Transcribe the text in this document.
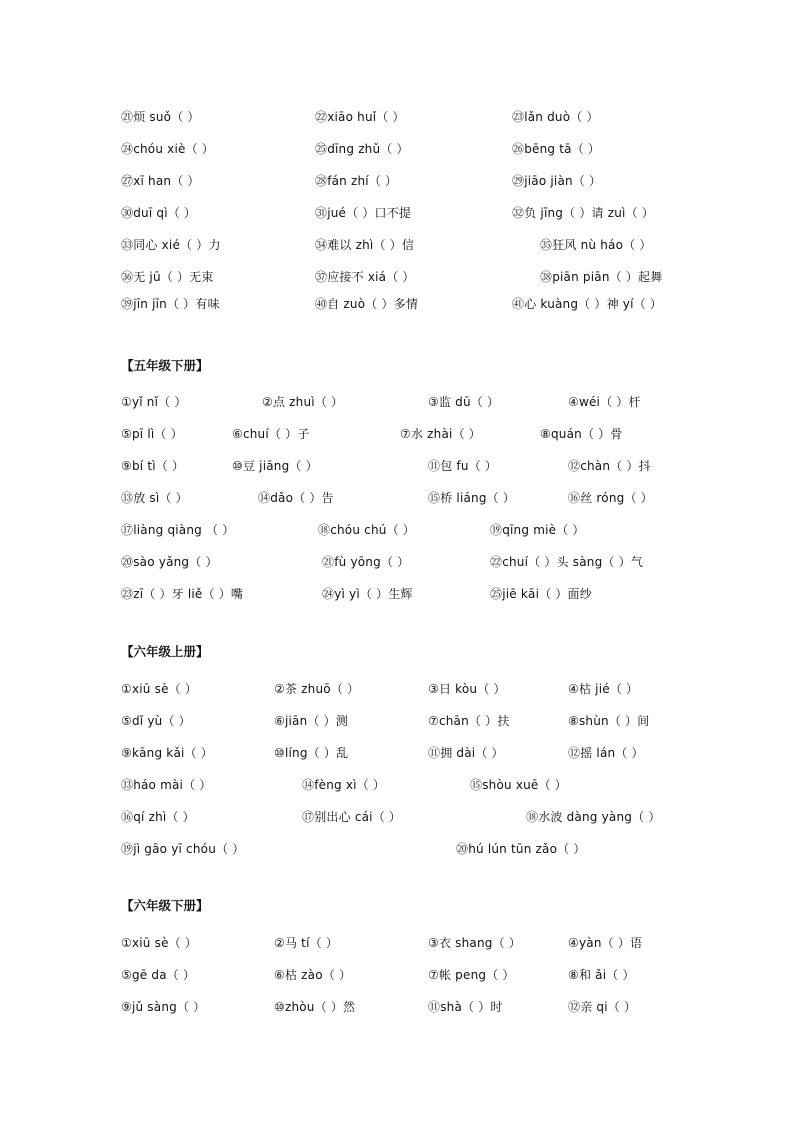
㉑烦 suǒ（ ）	㉒xiāo huǐ（ ）	㉓lǎn duò（ ）
㉔chóu xiè（ ）	㉕dīng zhǔ（ ）	㉖bēng tā（ ）
㉗xī han（ ）	㉘fán zhí（ ）	㉙jiāo jiàn（ ）
㉚duī qì（ ）	㉛jué（ ）口不提	㉜负 jīng（ ）请 zuì（ ）
㉝同心 xié（ ）力	㉞难以 zhì（ ）信	㉟狂风 nù háo（ ）
㊱无 jū（ ）无束	㊲应接不 xiá（ ）	㊳piān piān（ ）起舞
㊴jīn jīn（ ）有味	㊵自 zuò（ ）多情	㊶心 kuàng（ ）神 yí（ ）
【五年级下册】
①yǐ nǐ（ ）	②点 zhuì（ ）	③监 dū（ ）	④wéi（ ）杆
⑤pī lì（ ）	⑥chuí（ ）子	⑦水 zhài（ ）	⑧quán（ ）骨
⑨bí tì（ ）	⑩豆 jiāng（ ）	⑪包 fu（ ）	⑫chàn（ ）抖
⑬放 sì（ ）	⑭dǎo（ ）告	⑮桥 liáng（ ）	⑯丝 róng（ ）
⑰liàng qiàng （ ）	⑱chóu chú（ ）	⑲qīng miè（ ）
⑳sào yǎng（ ）	㉑fù yōng（ ）	㉒chuí（ ）头 sàng（ ）气
㉓zī（ ）牙 liě（ ）嘴	㉔yì yì（ ）生辉	㉕jiē kāi（ ）面纱
【六年级上册】
①xiū sè（ ）	②茶 zhuō（ ）	③日 kòu（ ）	④枯 jié（ ）
⑤dǐ yù（ ）	⑥jiān（ ）测	⑦chān（ ）扶	⑧shùn（ ）间
⑨kāng kǎi（ ）	⑩líng（ ）乱	⑪拥 dài（ ）	⑫摇 lán（ ）
⑬háo mài（ ）	⑭fèng xì（ ）	⑮shòu xuē（ ）
⑯qí zhì（ ）	⑰别出心 cái（ ）	⑱水波 dàng yàng（ ）
⑲jì gāo yī chóu（ ）	⑳hú lún tūn zǎo（ ）
【六年级下册】
①xiū sè（ ）	②马 tí（ ）	③衣 shang（ ）	④yàn（ ）语
⑤gē da（ ）	⑥枯 zào（ ）	⑦帐 peng（ ）	⑧和 ǎi（ ）
⑨jǔ sàng（ ）	⑩zhòu（ ）然	⑪shà（ ）时	⑫亲 qi（ ）
